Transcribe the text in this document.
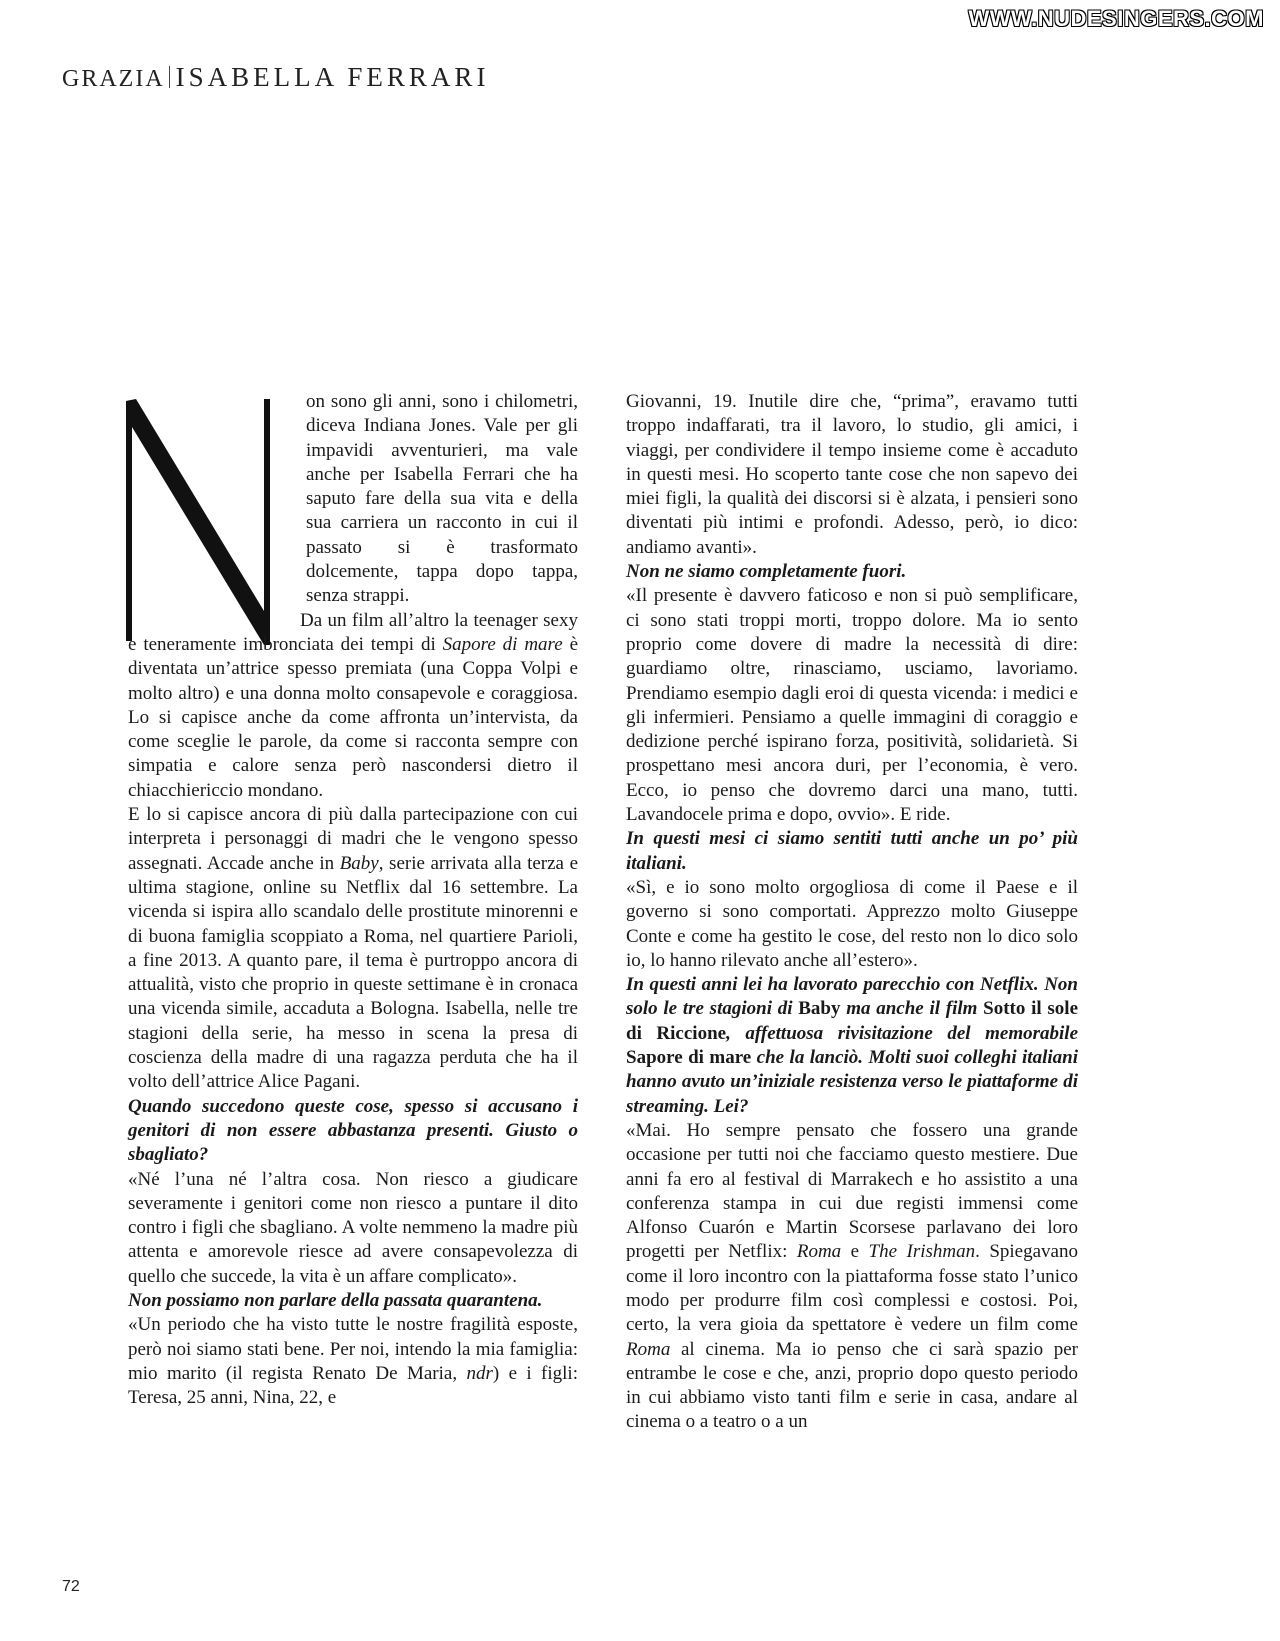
WWW.NUDESINGERS.COM
GRAZIA ISABELLA FERRARI

on sono gli anni, sono i chilometri, diceva Indiana Jones. Vale per gli impavidi avventurieri, ma vale anche per Isabella Ferrari che ha saputo fare della sua vita e della sua carriera un racconto in cui il passato si è trasformato dolcemente, tappa dopo tappa, senza strappi.

Da un film all’altro la teenager sexy e teneramente imbronciata dei tempi di Sapore di mare è diventata un’attrice spesso premiata (una Coppa Volpi e molto altro) e una donna molto consapevole e coraggiosa. Lo si capisce anche da come affronta un’intervista, da come sceglie le parole, da come si racconta sempre con simpatia e calore senza però nascondersi dietro il chiacchiericcio mondano.

E lo si capisce ancora di più dalla partecipazione con cui interpreta i personaggi di madri che le vengono spesso assegnati. Accade anche in Baby, serie arrivata alla terza e ultima stagione, online su Netflix dal 16 settembre. La vicenda si ispira allo scandalo delle prostitute minorenni e di buona famiglia scoppiato a Roma, nel quartiere Parioli, a fine 2013. A quanto pare, il tema è purtroppo ancora di attualità, visto che proprio in queste settimane è in cronaca una vicenda simile, accaduta a Bologna. Isabella, nelle tre stagioni della serie, ha messo in scena la presa di coscienza della madre di una ragazza perduta che ha il volto dell’attrice Alice Pagani.

Quando succedono queste cose, spesso si accusano i genitori di non essere abbastanza presenti. Giusto o sbagliato?

«Né l’una né l’altra cosa. Non riesco a giudicare severamente i genitori come non riesco a puntare il dito contro i figli che sbagliano. A volte nemmeno la madre più attenta e amorevole riesce ad avere consapevolezza di quello che succede, la vita è un affare complicato».

Non possiamo non parlare della passata quarantena.

«Un periodo che ha visto tutte le nostre fragilità esposte, però noi siamo stati bene. Per noi, intendo la mia famiglia: mio marito (il regista Renato De Maria, ndr) e i figli: Teresa, 25 anni, Nina, 22, e

Giovanni, 19. Inutile dire che, “prima”, eravamo tutti troppo indaffarati, tra il lavoro, lo studio, gli amici, i viaggi, per condividere il tempo insieme come è accaduto in questi mesi. Ho scoperto tante cose che non sapevo dei miei figli, la qualità dei discorsi si è alzata, i pensieri sono diventati più intimi e profondi. Adesso, però, io dico: andiamo avanti».

Non ne siamo completamente fuori.

«Il presente è davvero faticoso e non si può semplificare, ci sono stati troppi morti, troppo dolore. Ma io sento proprio come dovere di madre la necessità di dire: guardiamo oltre, rinasciamo, usciamo, lavoriamo. Prendiamo esempio dagli eroi di questa vicenda: i medici e gli infermieri. Pensiamo a quelle immagini di coraggio e dedizione perché ispirano forza, positività, solidarietà. Si prospettano mesi ancora duri, per l’economia, è vero. Ecco, io penso che dovremo darci una mano, tutti. Lavandocele prima e dopo, ovvio». E ride.

In questi mesi ci siamo sentiti tutti anche un po’ più italiani.

«Sì, e io sono molto orgogliosa di come il Paese e il governo si sono comportati. Apprezzo molto Giuseppe Conte e come ha gestito le cose, del resto non lo dico solo io, lo hanno rilevato anche all’estero».

In questi anni lei ha lavorato parecchio con Netflix. Non solo le tre stagioni di Baby ma anche il film Sotto il sole di Riccione, affettuosa rivisitazione del memorabile Sapore di mare che la lanciò. Molti suoi colleghi italiani hanno avuto un’iniziale resistenza verso le piattaforme di streaming. Lei?

«Mai. Ho sempre pensato che fossero una grande occasione per tutti noi che facciamo questo mestiere. Due anni fa ero al festival di Marrakech e ho assistito a una conferenza stampa in cui due registi immensi come Alfonso Cuarón e Martin Scorsese parlavano dei loro progetti per Netflix: Roma e The Irishman. Spiegavano come il loro incontro con la piattaforma fosse stato l’unico modo per produrre film così complessi e costosi. Poi, certo, la vera gioia da spettatore è vedere un film come Roma al cinema. Ma io penso che ci sarà spazio per entrambe le cose e che, anzi, proprio dopo questo periodo in cui abbiamo visto tanti film e serie in casa, andare al cinema o a teatro o a un

72
